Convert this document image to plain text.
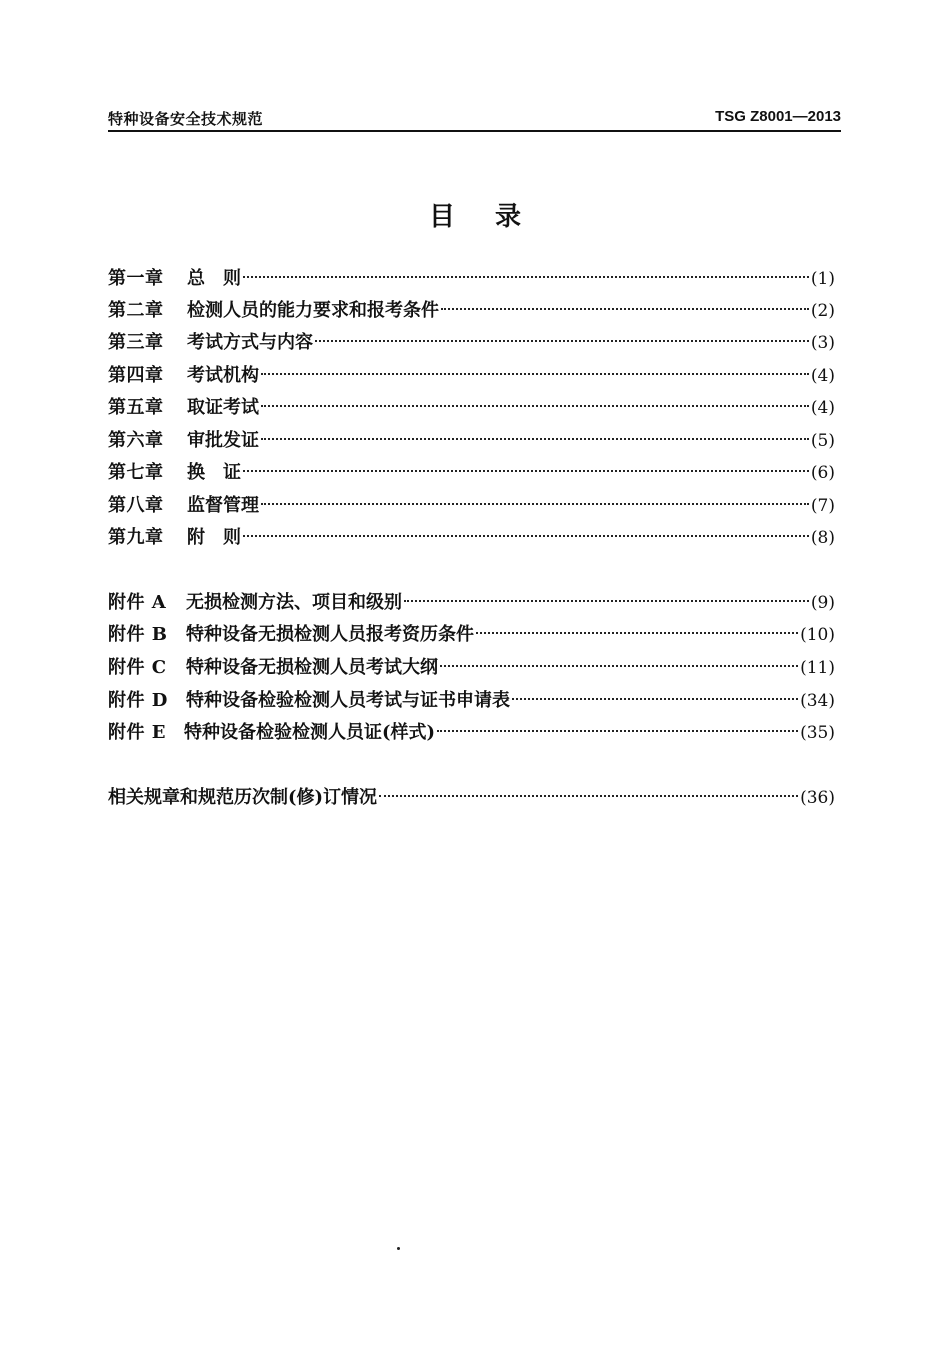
特种设备安全技术规范	TSG Z8001—2013
目录
第一章	总　则	(1)
第二章	检测人员的能力要求和报考条件	(2)
第三章	考试方式与内容	(3)
第四章	考试机构	(4)
第五章	取证考试	(4)
第六章	审批发证	(5)
第七章	换　证	(6)
第八章	监督管理	(7)
第九章	附　则	(8)
附件 A	无损检测方法、项目和级别	(9)
附件 B	特种设备无损检测人员报考资历条件	(10)
附件 C	特种设备无损检测人员考试大纲	(11)
附件 D	特种设备检验检测人员考试与证书申请表	(34)
附件 E	特种设备检验检测人员证(样式)	(35)
相关规章和规范历次制(修)订情况	(36)
